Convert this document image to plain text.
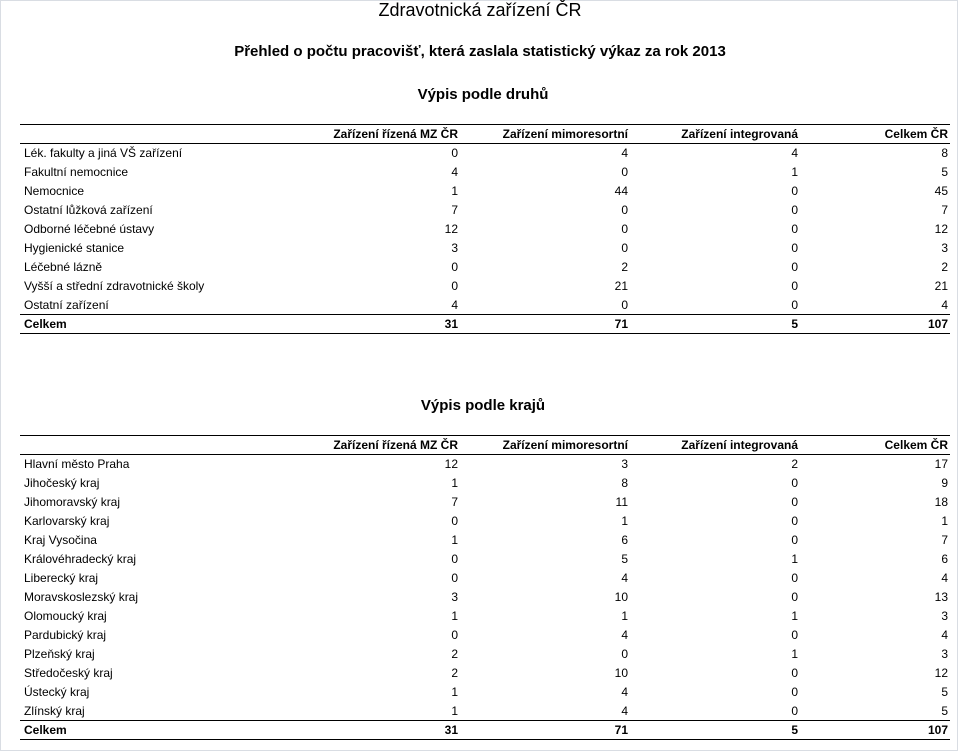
Zdravotnická zařízení ČR
Přehled o počtu pracovišť, která zaslala statistický výkaz za rok 2013
Výpis podle druhů
	Zařízení řízená MZ ČR	Zařízení mimoresortní	Zařízení integrovaná	Celkem ČR
Lék. fakulty a jiná VŠ zařízení	0	4	4	8
Fakultní nemocnice	4	0	1	5
Nemocnice	1	44	0	45
Ostatní lůžková zařízení	7	0	0	7
Odborné léčebné ústavy	12	0	0	12
Hygienické stanice	3	0	0	3
Léčebné lázně	0	2	0	2
Vyšší a střední zdravotnické školy	0	21	0	21
Ostatní zařízení	4	0	0	4
Celkem	31	71	5	107
Výpis podle krajů
	Zařízení řízená MZ ČR	Zařízení mimoresortní	Zařízení integrovaná	Celkem ČR
Hlavní město Praha	12	3	2	17
Jihočeský kraj	1	8	0	9
Jihomoravský kraj	7	11	0	18
Karlovarský kraj	0	1	0	1
Kraj Vysočina	1	6	0	7
Královéhradecký kraj	0	5	1	6
Liberecký kraj	0	4	0	4
Moravskoslezský kraj	3	10	0	13
Olomoucký kraj	1	1	1	3
Pardubický kraj	0	4	0	4
Plzeňský kraj	2	0	1	3
Středočeský kraj	2	10	0	12
Ústecký kraj	1	4	0	5
Zlínský kraj	1	4	0	5
Celkem	31	71	5	107
